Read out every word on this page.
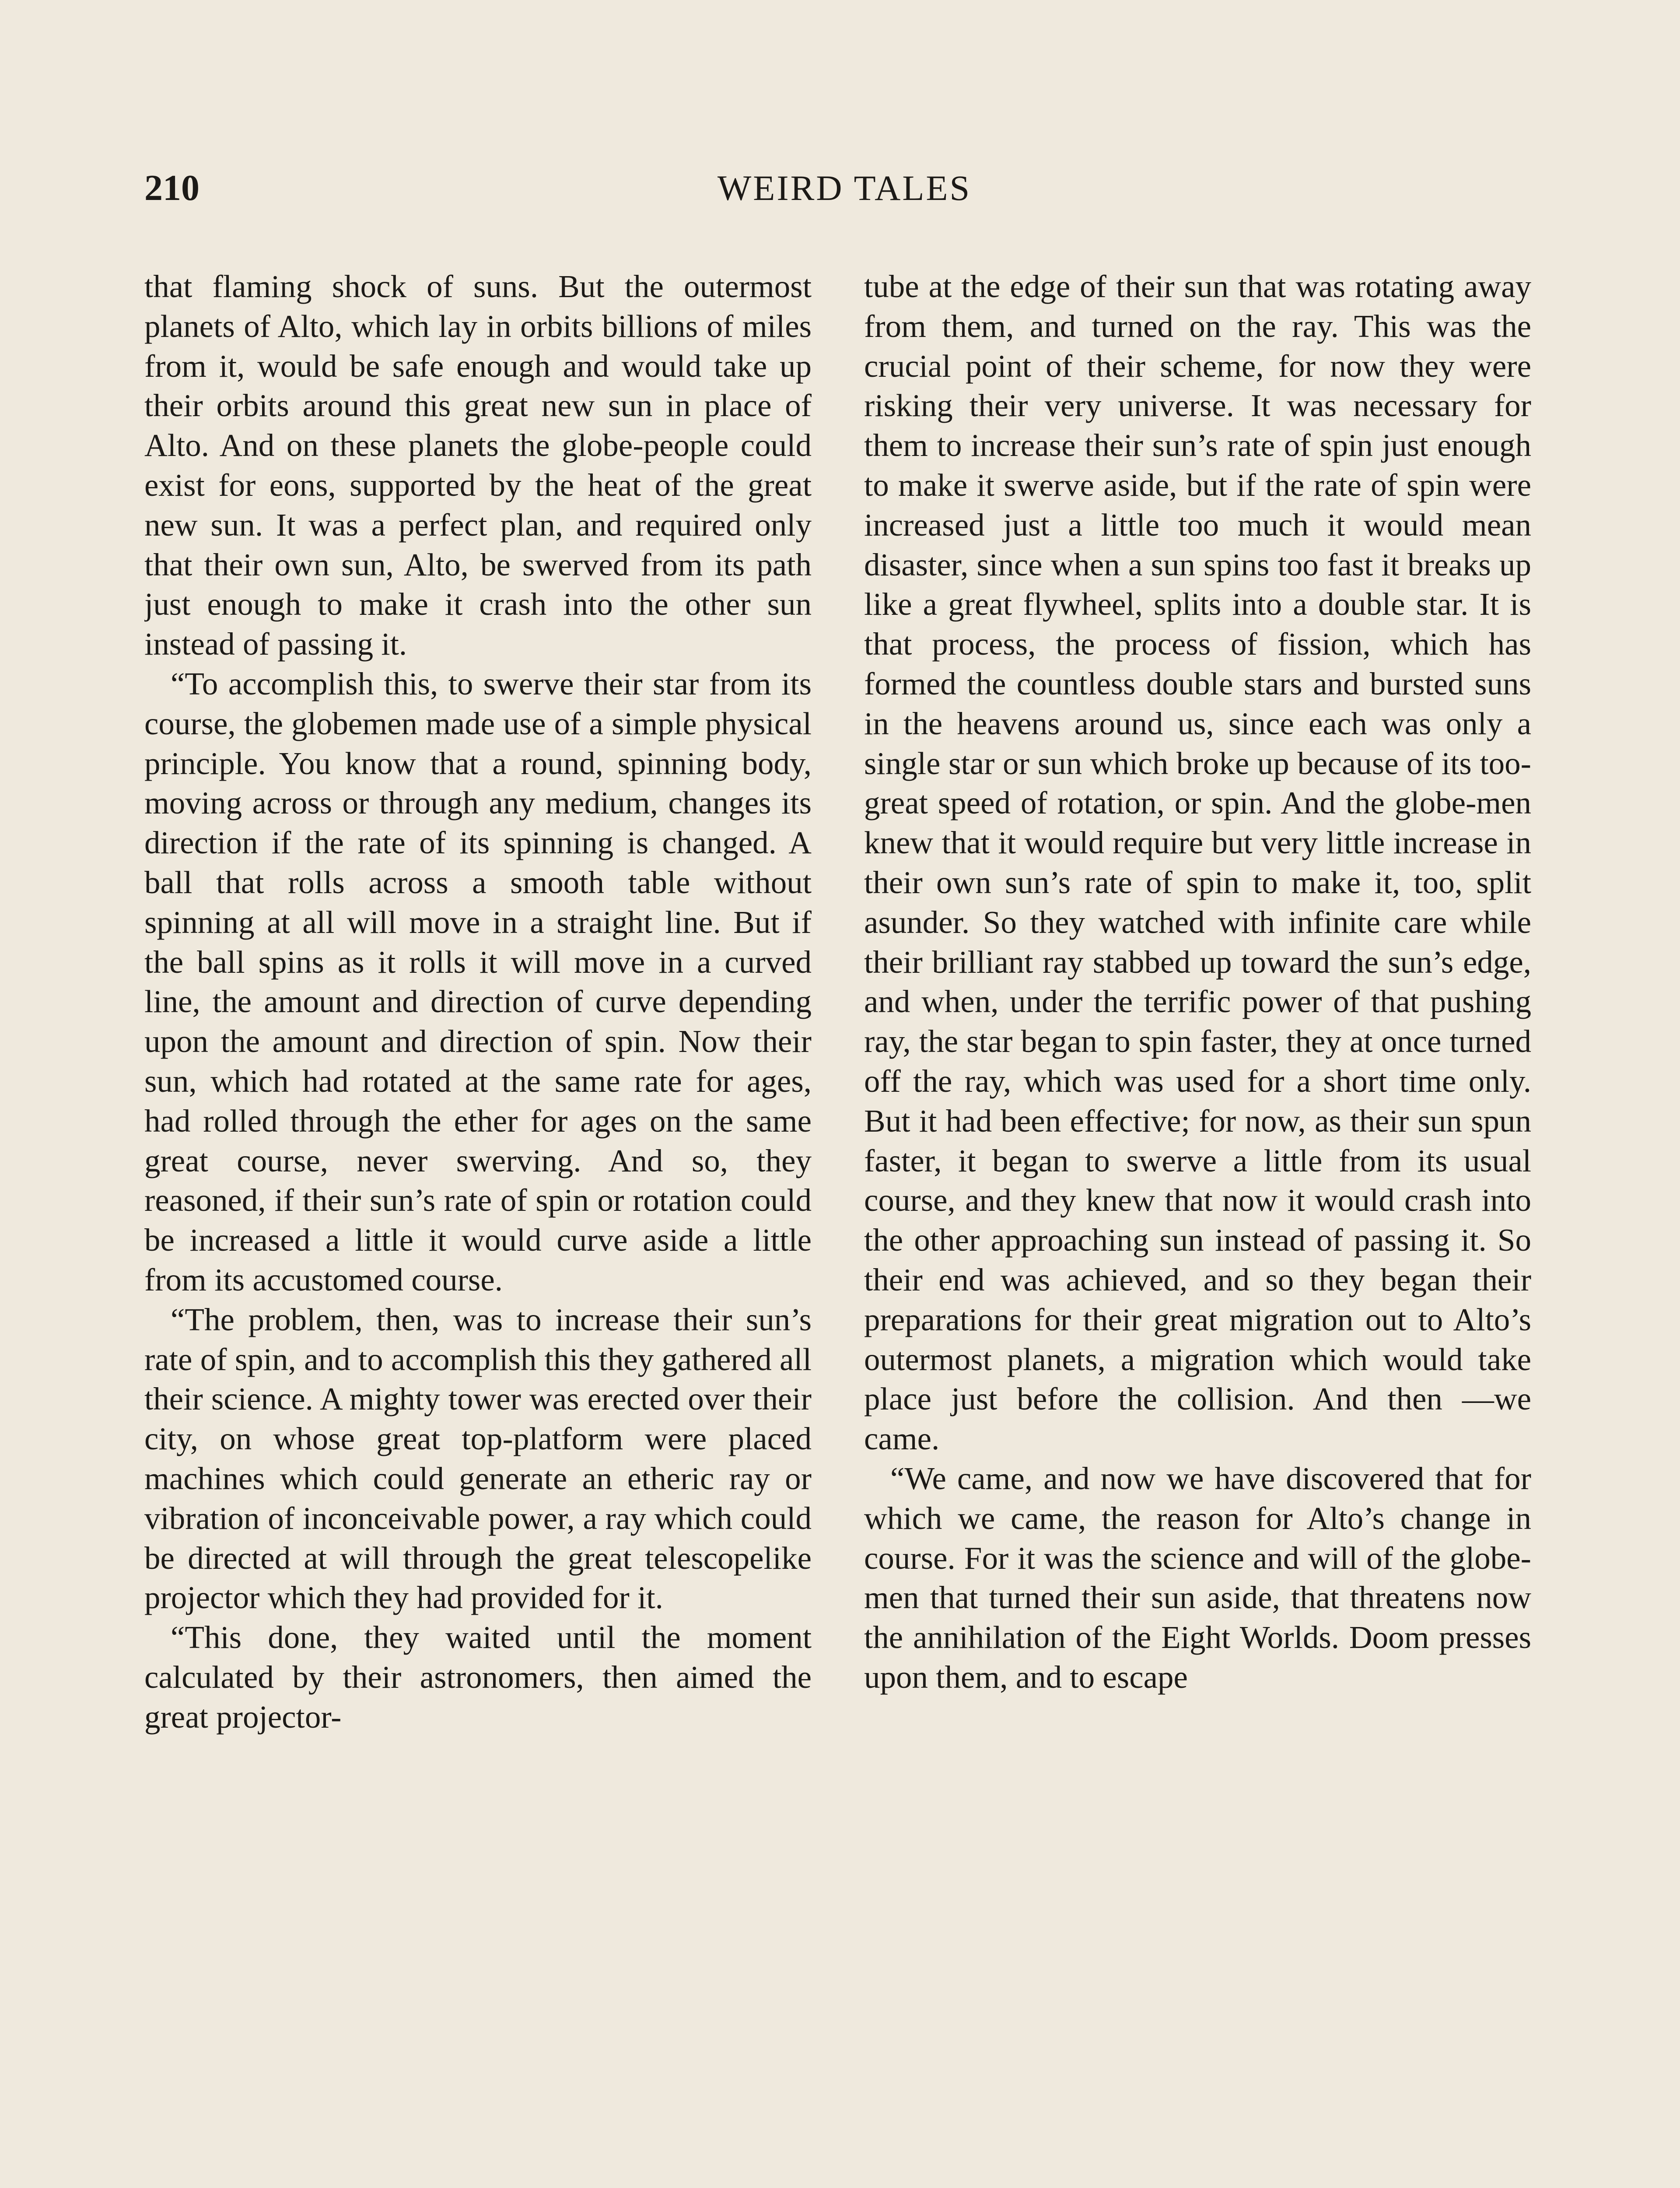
210	WEIRD TALES

that flaming shock of suns. But the outermost planets of Alto, which lay in orbits billions of miles from it, would be safe enough and would take up their orbits around this great new sun in place of Alto. And on these planets the globe-people could exist for eons, supported by the heat of the great new sun. It was a perfect plan, and required only that their own sun, Alto, be swerved from its path just enough to make it crash into the other sun instead of passing it.

“To accomplish this, to swerve their star from its course, the globemen made use of a simple physical principle. You know that a round, spinning body, moving across or through any medium, changes its direction if the rate of its spinning is changed. A ball that rolls across a smooth table without spinning at all will move in a straight line. But if the ball spins as it rolls it will move in a curved line, the amount and direction of curve depending upon the amount and direction of spin. Now their sun, which had rotated at the same rate for ages, had rolled through the ether for ages on the same great course, never swerving. And so, they reasoned, if their sun’s rate of spin or rotation could be increased a little it would curve aside a little from its accustomed course.

“The problem, then, was to increase their sun’s rate of spin, and to accomplish this they gathered all their science. A mighty tower was erected over their city, on whose great top-platform were placed machines which could generate an etheric ray or vibration of inconceivable power, a ray which could be directed at will through the great telescopelike projector which they had provided for it.

“This done, they waited until the moment calculated by their astronomers, then aimed the great projector-

tube at the edge of their sun that was rotating away from them, and turned on the ray. This was the crucial point of their scheme, for now they were risking their very universe. It was necessary for them to increase their sun’s rate of spin just enough to make it swerve aside, but if the rate of spin were increased just a little too much it would mean disaster, since when a sun spins too fast it breaks up like a great flywheel, splits into a double star. It is that process, the process of fission, which has formed the countless double stars and bursted suns in the heavens around us, since each was only a single star or sun which broke up because of its too-great speed of rotation, or spin. And the globe-men knew that it would require but very little increase in their own sun’s rate of spin to make it, too, split asunder. So they watched with infinite care while their brilliant ray stabbed up toward the sun’s edge, and when, under the terrific power of that pushing ray, the star began to spin faster, they at once turned off the ray, which was used for a short time only. But it had been effective; for now, as their sun spun faster, it began to swerve a little from its usual course, and they knew that now it would crash into the other approaching sun instead of passing it. So their end was achieved, and so they began their preparations for their great migration out to Alto’s outermost planets, a migration which would take place just before the collision. And then —we came.

“We came, and now we have discovered that for which we came, the reason for Alto’s change in course. For it was the science and will of the globe-men that turned their sun aside, that threatens now the annihilation of the Eight Worlds. Doom presses upon them, and to escape
